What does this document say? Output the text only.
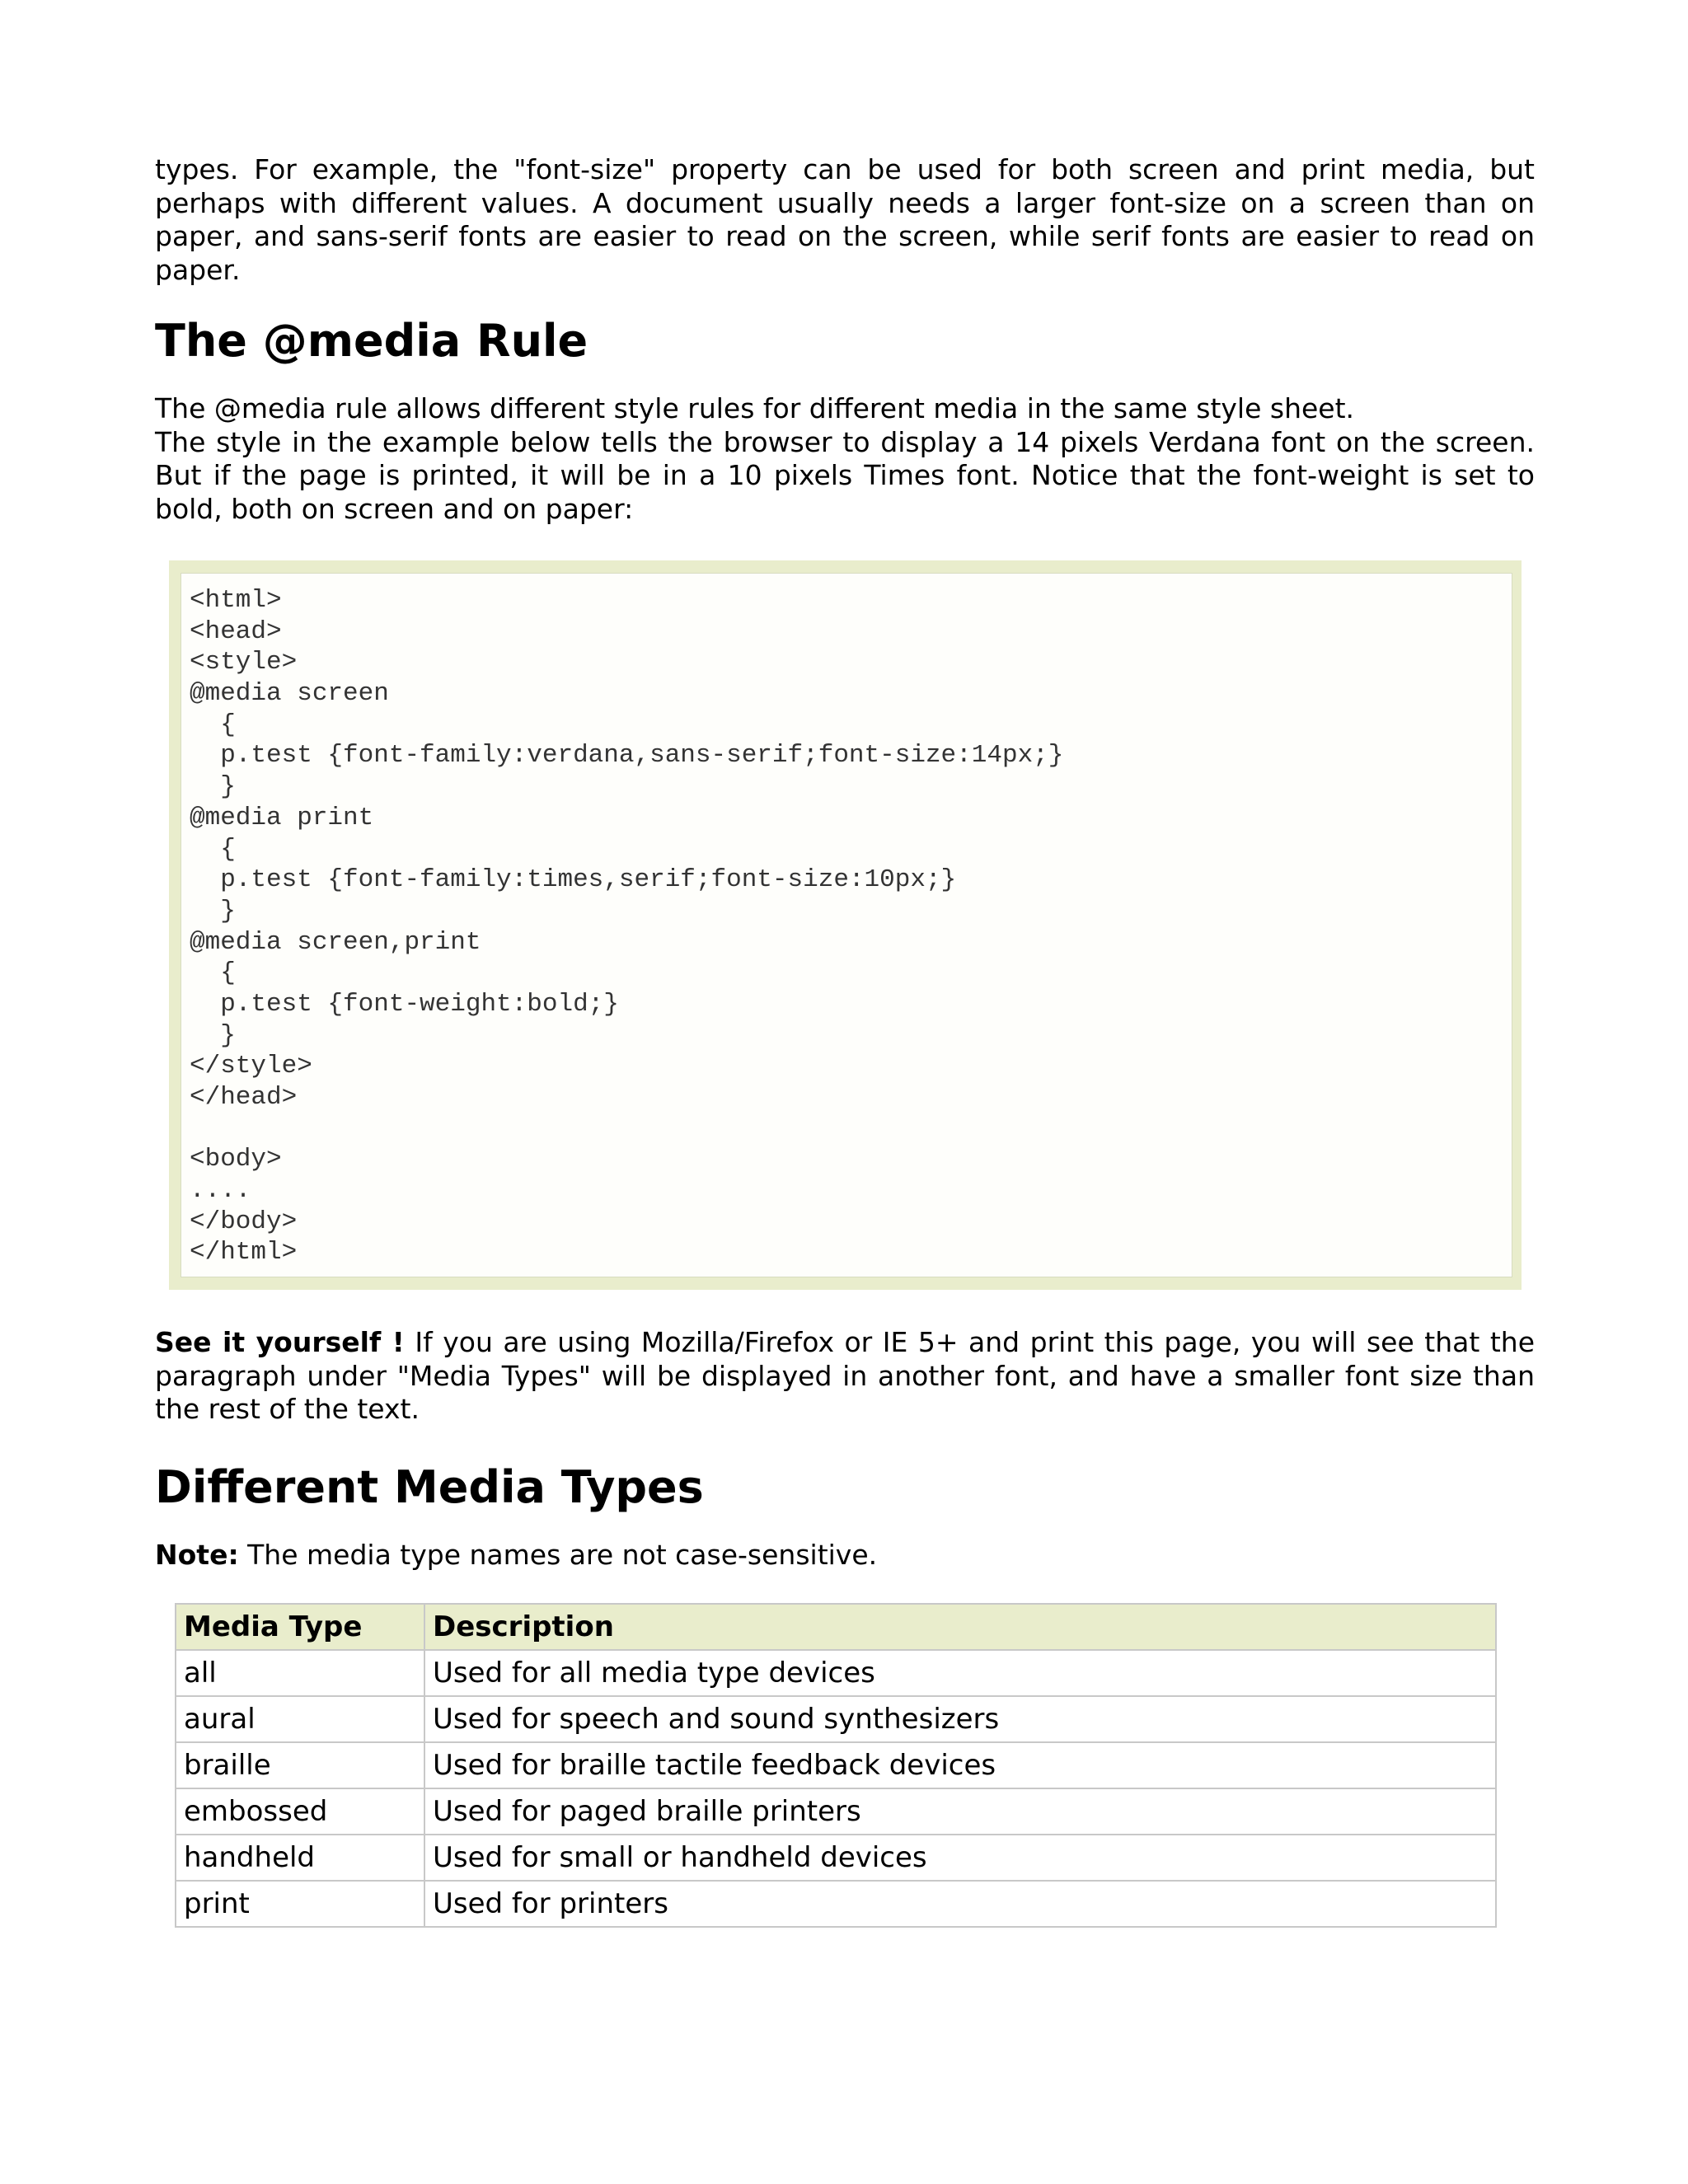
types. For example, the "font-size" property can be used for both screen and print media, but perhaps with different values. A document usually needs a larger font-size on a screen than on paper, and sans-serif fonts are easier to read on the screen, while serif fonts are easier to read on paper.

The @media Rule

The @media rule allows different style rules for different media in the same style sheet.

The style in the example below tells the browser to display a 14 pixels Verdana font on the screen. But if the page is printed, it will be in a 10 pixels Times font. Notice that the font-weight is set to bold, both on screen and on paper:

<html>
<head>
<style>
@media screen
{
p.test {font-family:verdana,sans-serif;font-size:14px;}
}
@media print
{
p.test {font-family:times,serif;font-size:10px;}
}
@media screen,print
{
p.test {font-weight:bold;}
}
</style>
</head>
<body>
....
</body>
</html>

See it yourself ! If you are using Mozilla/Firefox or IE 5+ and print this page, you will see that the paragraph under "Media Types" will be displayed in another font, and have a smaller font size than the rest of the text.

Different Media Types

Note: The media type names are not case-sensitive.

Media Type	Description
all	Used for all media type devices
aural	Used for speech and sound synthesizers
braille	Used for braille tactile feedback devices
embossed	Used for paged braille printers
handheld	Used for small or handheld devices
print	Used for printers
